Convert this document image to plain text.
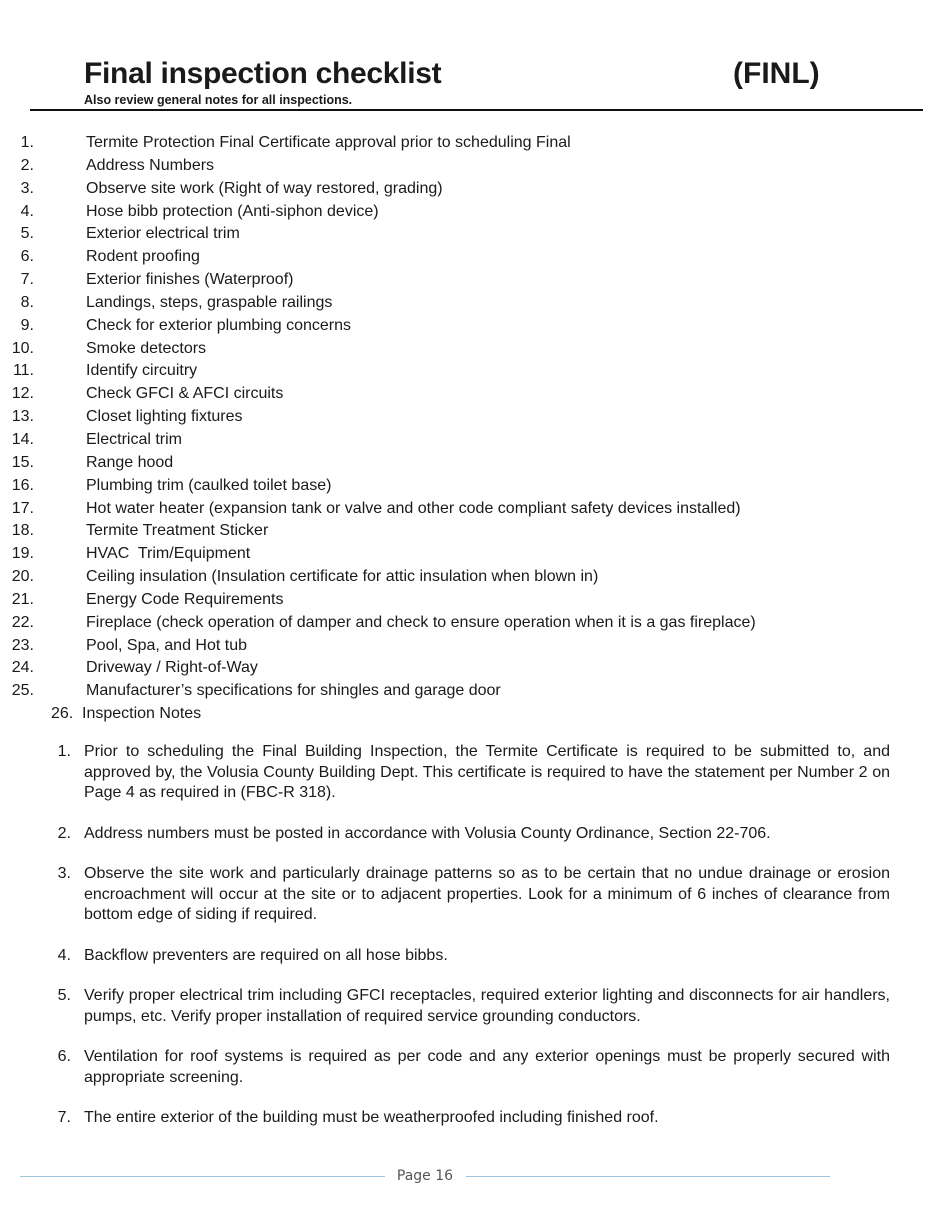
Final inspection checklist	(FINL)
Also review general notes for all inspections.
1.	Termite Protection Final Certificate approval prior to scheduling Final
2.	Address Numbers
3.	Observe site work (Right of way restored, grading)
4.	Hose bibb protection (Anti-siphon device)
5.	Exterior electrical trim
6.	Rodent proofing
7.	Exterior finishes (Waterproof)
8.	Landings, steps, graspable railings
9.	Check for exterior plumbing concerns
10.	Smoke detectors
11.	Identify circuitry
12.	Check GFCI & AFCI circuits
13.	Closet lighting fixtures
14.	Electrical trim
15.	Range hood
16.	Plumbing trim (caulked toilet base)
17.	Hot water heater (expansion tank or valve and other code compliant safety devices installed)
18.	Termite Treatment Sticker
19.	HVAC  Trim/Equipment
20.	Ceiling insulation (Insulation certificate for attic insulation when blown in)
21.	Energy Code Requirements
22.	Fireplace (check operation of damper and check to ensure operation when it is a gas fireplace)
23.	Pool, Spa, and Hot tub
24.	Driveway / Right-of-Way
25.	Manufacturer’s specifications for shingles and garage door
26. Inspection Notes
1. Prior to scheduling the Final Building Inspection, the Termite Certificate is required to be submitted to, and approved by, the Volusia County Building Dept. This certificate is required to have the statement per Number 2 on Page 4 as required in (FBC-R 318).
2. Address numbers must be posted in accordance with Volusia County Ordinance, Section 22-706.
3. Observe the site work and particularly drainage patterns so as to be certain that no undue drainage or erosion encroachment will occur at the site or to adjacent properties. Look for a minimum of 6 inches of clearance from bottom edge of siding if required.
4. Backflow preventers are required on all hose bibbs.
5. Verify proper electrical trim including GFCI receptacles, required exterior lighting and disconnects for air handlers, pumps, etc. Verify proper installation of required service grounding conductors.
6. Ventilation for roof systems is required as per code and any exterior openings must be properly secured with appropriate screening.
7. The entire exterior of the building must be weatherproofed including finished roof.
Page 16
